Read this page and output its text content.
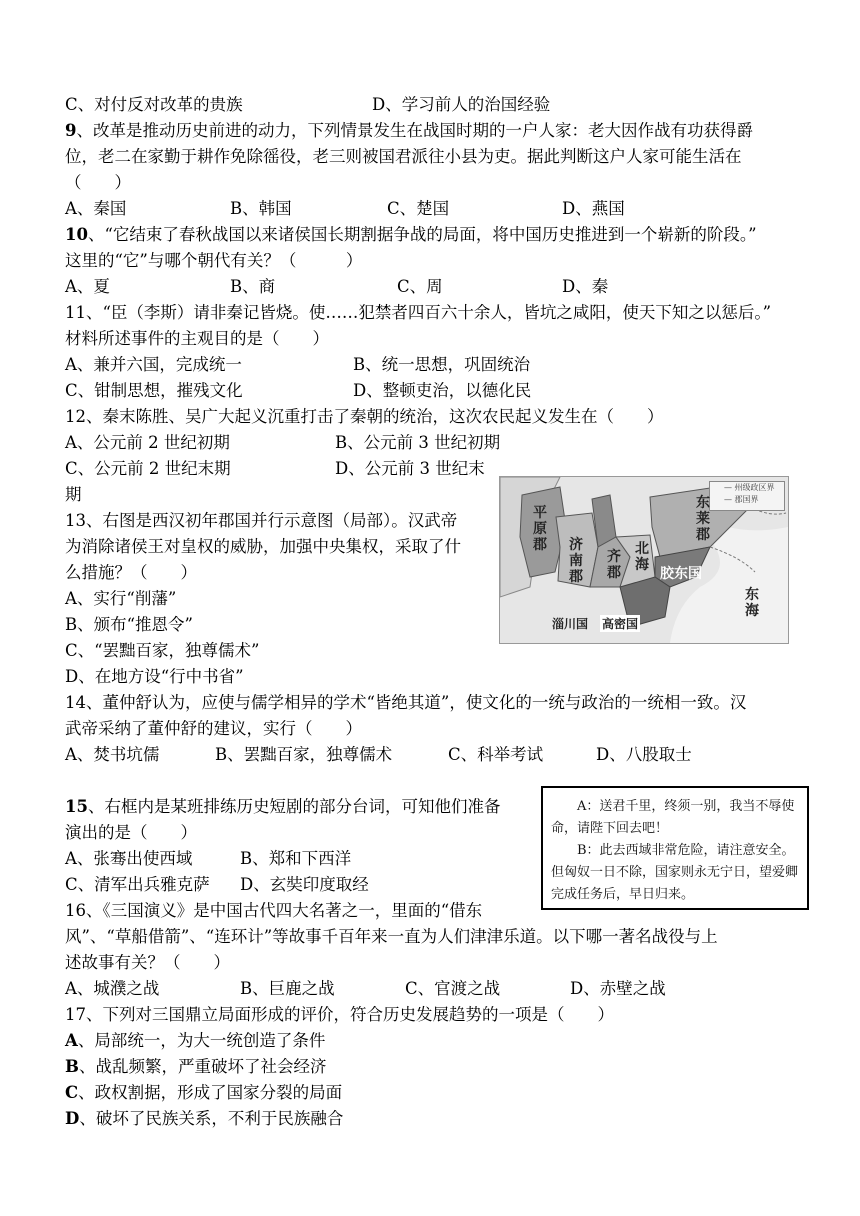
C、对付反对改革的贵族	D、学习前人的治国经验
9、改革是推动历史前进的动力，下列情景发生在战国时期的一户人家：老大因作战有功获得爵
位，老二在家勤于耕作免除徭役，老三则被国君派往小县为吏。据此判断这户人家可能生活在
（　　）
A、秦国	B、韩国	C、楚国	D、燕国
10、“它结束了春秋战国以来诸侯国长期割据争战的局面，将中国历史推进到一个崭新的阶段。”
这里的“它”与哪个朝代有关？（　　　）
A、夏	B、商	C、周	D、秦
11、“臣（李斯）请非秦记皆烧。使……犯禁者四百六十余人，皆坑之咸阳，使天下知之以惩后。”
材料所述事件的主观目的是（　　）
A、兼并六国，完成统一	B、统一思想，巩固统治
C、钳制思想，摧残文化	D、整顿吏治，以德化民
12、秦末陈胜、吴广大起义沉重打击了秦朝的统治，这次农民起义发生在（　　）
A、公元前 2 世纪初期	B、公元前 3 世纪初期
C、公元前 2 世纪末期	D、公元前 3 世纪末
期
13、右图是西汉初年郡国并行示意图（局部）。汉武帝
为消除诸侯王对皇权的威胁，加强中央集权，采取了什
么措施？（　　）
A、实行“削藩”
B、颁布“推恩令”
C、“罢黜百家，独尊儒术”
D、在地方设“行中书省”
— 州级政区界
— 郡国界
平
原
郡 济
南
郡
东
莱
郡
东
海
北
海
齐
郡	胶东国
淄川国 高密国
14、董仲舒认为，应使与儒学相异的学术“皆绝其道”，使文化的一统与政治的一统相一致。汉
武帝采纳了董仲舒的建议，实行（　　）
A、焚书坑儒	B、罢黜百家，独尊儒术	C、科举考试	D、八股取士
15、右框内是某班排练历史短剧的部分台词，可知他们准备
演出的是（　　）
A、张骞出使西域	B、郑和下西洋
C、清军出兵雅克萨 D、玄奘印度取经

A：送君千里，终须一别，我当不辱使命，请陛下回去吧！

B：此去西域非常危险，请注意安全。但匈奴一日不除，国家则永无宁日，望爱卿完成任务后，早日归来。

16、《三国演义》是中国古代四大名著之一，里面的“借东
风”、“草船借箭”、“连环计”等故事千百年来一直为人们津津乐道。以下哪一著名战役与上
述故事有关？（　　）
A、城濮之战	B、巨鹿之战	C、官渡之战	D、赤壁之战
17、下列对三国鼎立局面形成的评价，符合历史发展趋势的一项是（　　）
A、局部统一，为大一统创造了条件
B、战乱频繁，严重破坏了社会经济
C、政权割据，形成了国家分裂的局面
D、破坏了民族关系，不利于民族融合
